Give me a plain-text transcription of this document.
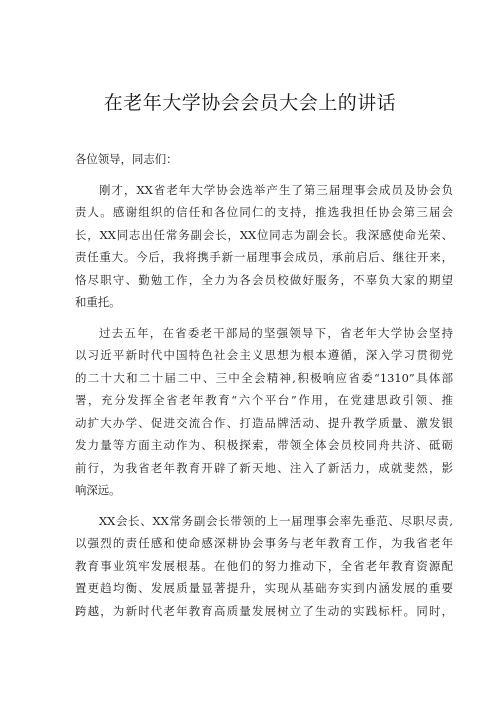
在老年大学协会会员大会上的讲话
各位领导，同志们：
刚才，XX省老年大学协会选举产生了第三届理事会成员及协会负
责人。感谢组织的信任和各位同仁的支持，推选我担任协会第三届会
长，XX同志出任常务副会长，XX位同志为副会长。我深感使命光荣、
责任重大。今后，我将携手新一届理事会成员，承前启后、继往开来，
恪尽职守、勤勉工作，全力为各会员校做好服务，不辜负大家的期望
和重托。
过去五年，在省委老干部局的坚强领导下，省老年大学协会坚持
以习近平新时代中国特色社会主义思想为根本遵循，深入学习贯彻党
的二十大和二十届二中、三中全会精神,积极响应省委“1310”具体部
署，充分发挥全省老年教育“六个平台”作用，在党建思政引领、推
动扩大办学、促进交流合作、打造品牌活动、提升教学质量、激发银
发力量等方面主动作为、积极探索，带领全体会员校同舟共济、砥砺
前行，为我省老年教育开辟了新天地、注入了新活力，成就斐然，影
响深远。
XX会长、XX常务副会长带领的上一届理事会率先垂范、尽职尽责,
以强烈的责任感和使命感深耕协会事务与老年教育工作，为我省老年
教育事业筑牢发展根基。在他们的努力推动下，全省老年教育资源配
置更趋均衡、发展质量显著提升，实现从基础夯实到内涵发展的重要
跨越，为新时代老年教育高质量发展树立了生动的实践标杆。同时，
